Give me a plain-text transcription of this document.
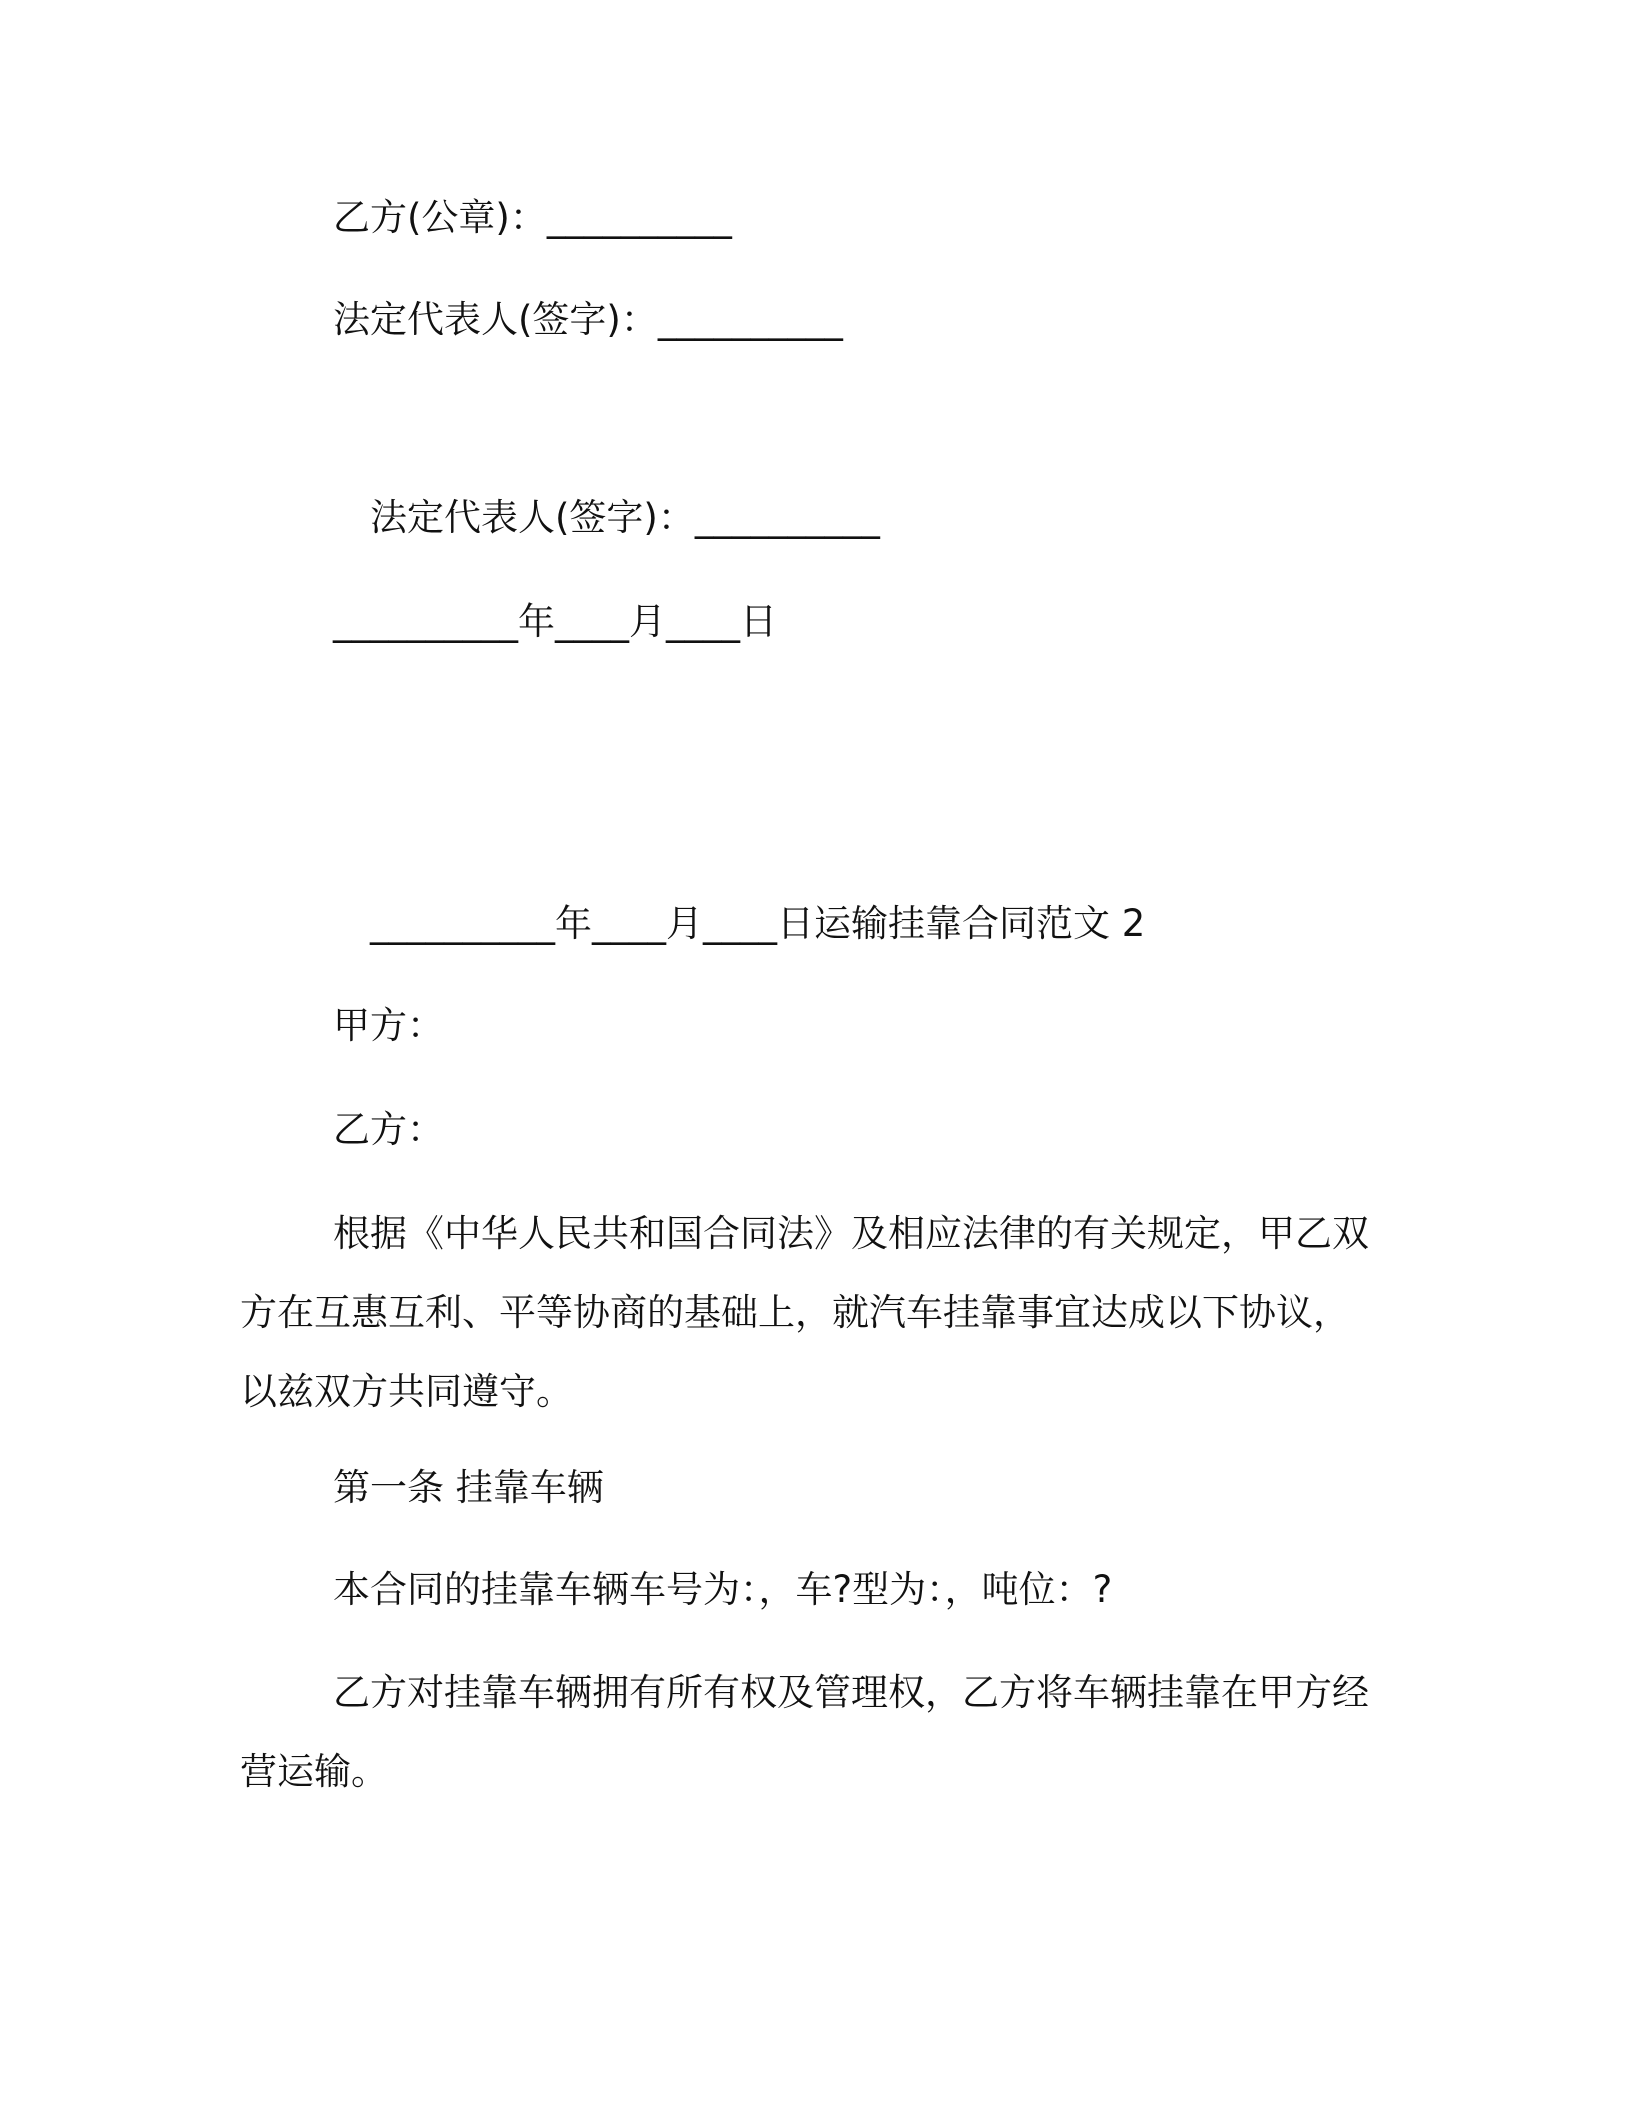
乙方(公章)：__________
法定代表人(签字)：__________
法定代表人(签字)：__________
__________年____月____日
__________年____月____日运输挂靠合同范文 2
甲方：
乙方：
根据《中华人民共和国合同法》及相应法律的有关规定，甲乙双
方在互惠互利、平等协商的基础上，就汽车挂靠事宜达成以下协议，
以兹双方共同遵守。
第一条 挂靠车辆
本合同的挂靠车辆车号为：，车?型为：，吨位：?
乙方对挂靠车辆拥有所有权及管理权，乙方将车辆挂靠在甲方经
营运输。
